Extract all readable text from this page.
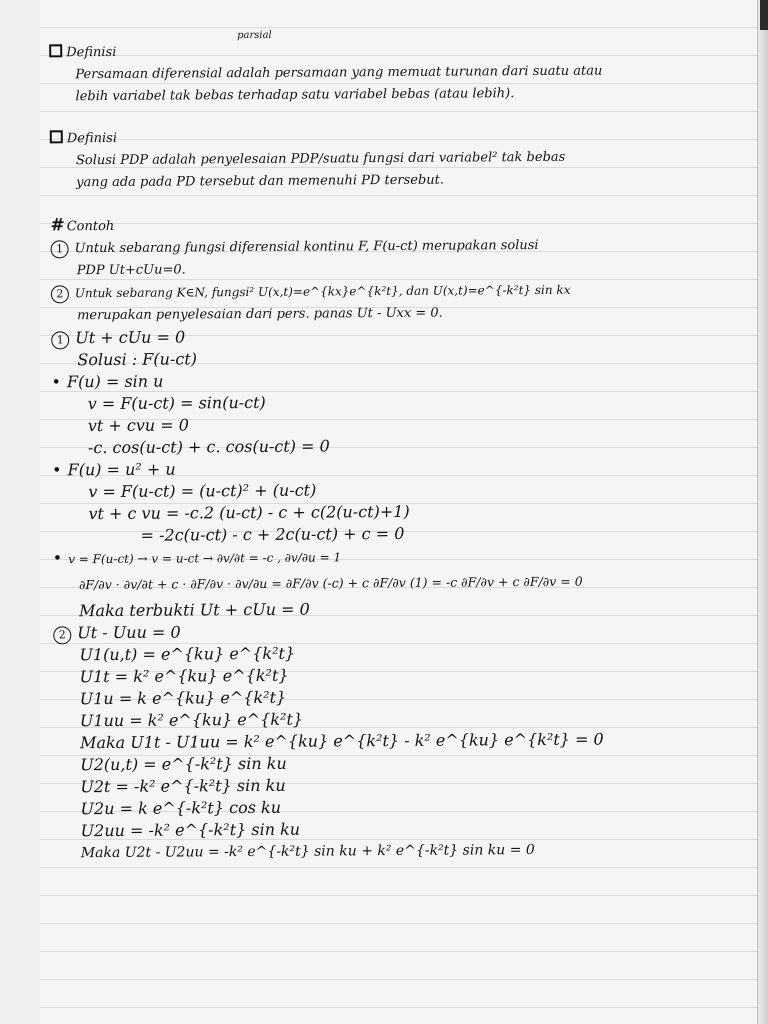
parsial
Definisi
Persamaan diferensial adalah persamaan yang memuat turunan dari suatu atau
lebih variabel tak bebas terhadap satu variabel bebas (atau lebih).
Definisi
Solusi PDP adalah penyelesaian PDP/suatu fungsi dari variabel² tak bebas
yang ada pada PD tersebut dan memenuhi PD tersebut.
# Contoh
1 Untuk sebarang fungsi diferensial kontinu F, F(u-ct) merupakan solusi
PDP Ut+cUu=0.
2 Untuk sebarang K∈N, fungsi² U(x,t)=e^{kx}e^{k²t}, dan U(x,t)=e^{-k²t} sin kx
merupakan penyelesaian dari pers. panas Ut - Uxx = 0.
1 Ut + cUu = 0
Solusi : F(u-ct)
• F(u) = sin u
v = F(u-ct) = sin(u-ct)
vt + cvu = 0
-c. cos(u-ct) + c. cos(u-ct) = 0
• F(u) = u² + u
v = F(u-ct) = (u-ct)² + (u-ct)
vt + c vu = -c.2 (u-ct) - c + c(2(u-ct)+1)
= -2c(u-ct) - c + 2c(u-ct) + c = 0
• v = F(u-ct) → v = u-ct → ∂v/∂t = -c , ∂v/∂u = 1
∂F/∂v · ∂v/∂t + c · ∂F/∂v · ∂v/∂u = ∂F/∂v (-c) + c ∂F/∂v (1) = -c ∂F/∂v + c ∂F/∂v = 0
Maka terbukti Ut + cUu = 0
2 Ut - Uuu = 0
U1(u,t) = e^{ku} e^{k²t}
U1t = k² e^{ku} e^{k²t}
U1u = k e^{ku} e^{k²t}
U1uu = k² e^{ku} e^{k²t}
Maka U1t - U1uu = k² e^{ku} e^{k²t} - k² e^{ku} e^{k²t} = 0
U2(u,t) = e^{-k²t} sin ku
U2t = -k² e^{-k²t} sin ku
U2u = k e^{-k²t} cos ku
U2uu = -k² e^{-k²t} sin ku
Maka U2t - U2uu = -k² e^{-k²t} sin ku + k² e^{-k²t} sin ku = 0
